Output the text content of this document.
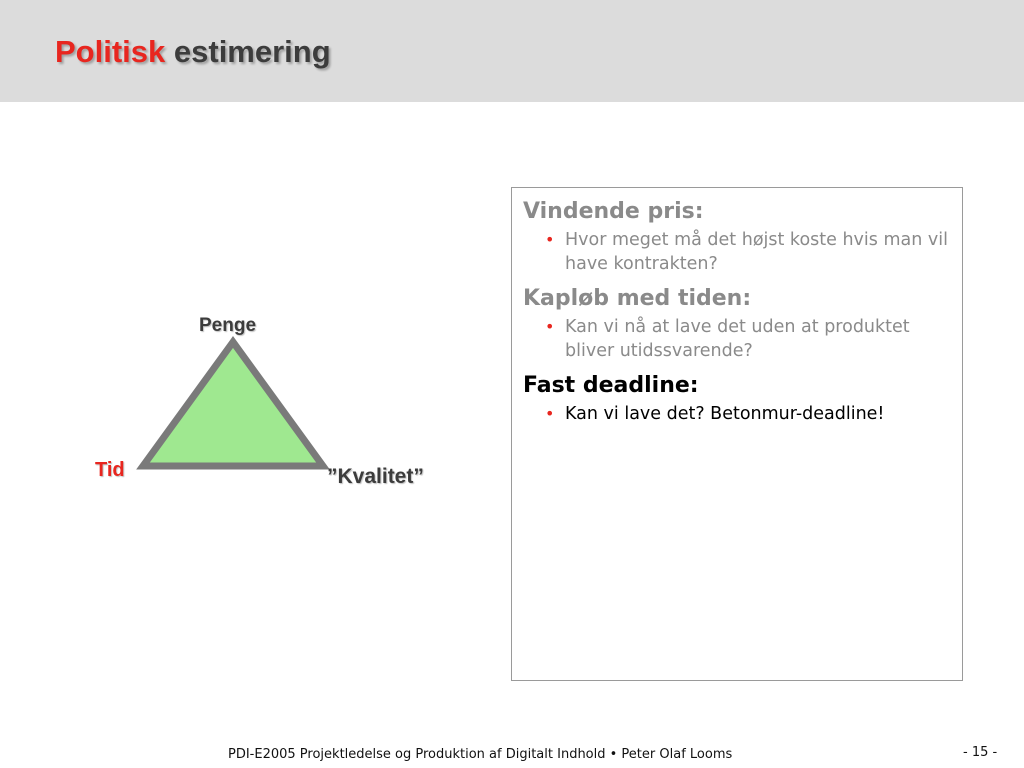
Politisk estimering
Penge
Tid	”Kvalitet”

Vindende pris:

• Hvor meget må det højst koste hvis man vil have kontrakten?

Kapløb med tiden:

• Kan vi nå at lave det uden at produktet bliver utidssvarende?

Fast deadline:

• Kan vi lave det? Betonmur-deadline!
PDI-E2005 Projektledelse og Produktion af Digitalt Indhold • Peter Olaf Looms	- 15 -
